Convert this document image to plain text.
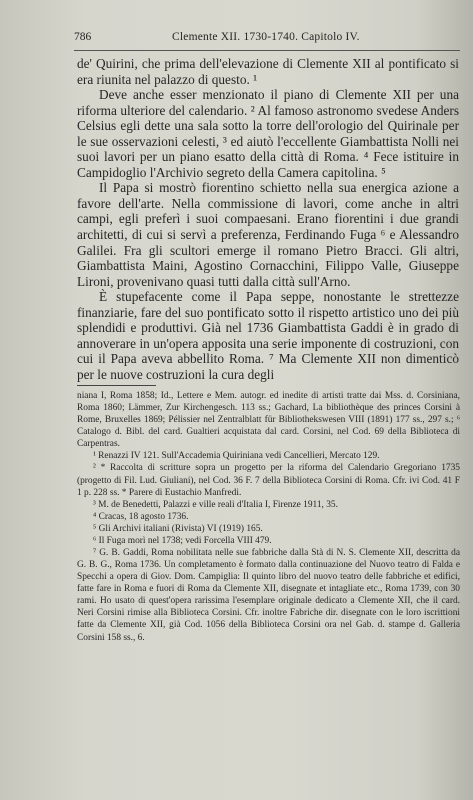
786	Clemente XII. 1730-1740. Capitolo IV.

de' Quirini, che prima dell'elevazione di Clemente XII al pontificato si era riunita nel palazzo di questo. ¹

Deve anche esser menzionato il piano di Clemente XII per una riforma ulteriore del calendario. ² Al famoso astronomo svedese Anders Celsius egli dette una sala sotto la torre dell'orologio del Quirinale per le sue osservazioni celesti, ³ ed aiutò l'eccellente Giambattista Nolli nei suoi lavori per un piano esatto della città di Roma. ⁴ Fece istituire in Campidoglio l'Archivio segreto della Camera capitolina. ⁵

Il Papa si mostrò fiorentino schietto nella sua energica azione a favore dell'arte. Nella commissione di lavori, come anche in altri campi, egli preferì i suoi compaesani. Erano fiorentini i due grandi architetti, di cui si servì a preferenza, Ferdinando Fuga ⁶ e Alessandro Galilei. Fra gli scultori emerge il romano Pietro Bracci. Gli altri, Giambattista Maini, Agostino Cornacchini, Filippo Valle, Giuseppe Lironi, provenivano quasi tutti dalla città sull'Arno.

È stupefacente come il Papa seppe, nonostante le strettezze finanziarie, fare del suo pontificato sotto il rispetto artistico uno dei più splendidi e produttivi. Già nel 1736 Giambattista Gaddi è in grado di annoverare in un'opera apposita una serie imponente di costruzioni, con cui il Papa aveva abbellito Roma. ⁷ Ma Clemente XII non dimenticò per le nuove costruzioni la cura degli

niana I, Roma 1858; Id., Lettere e Mem. autogr. ed inedite di artisti tratte dai Mss. d. Corsiniana, Roma 1860; Lämmer, Zur Kirchengesch. 113 ss.; Gachard, La bibliothèque des princes Corsini à Rome, Bruxelles 1869; Pélissier nel Zentralblatt für Bibliothekswesen VIII (1891) 177 ss., 297 s.; ⁶ Catalogo d. Bibl. del card. Gualtieri acquistata dal card. Corsini, nel Cod. 69 della Biblioteca di Carpentras.

¹ Renazzi IV 121. Sull'Accademia Quiriniana vedi Cancellieri, Mercato 129.

² * Raccolta di scritture sopra un progetto per la riforma del Calendario Gregoriano 1735 (progetto di Fil. Lud. Giuliani), nel Cod. 36 F. 7 della Biblioteca Corsini di Roma. Cfr. ivi Cod. 41 F 1 p. 228 ss. * Parere di Eustachio Manfredi.

³ M. de Benedetti, Palazzi e ville reali d'Italia I, Firenze 1911, 35.

⁴ Cracas, 18 agosto 1736.

⁵ Gli Archivi italiani (Rivista) VI (1919) 165.

⁶ Il Fuga morì nel 1738; vedi Forcella VIII 479.

⁷ G. B. Gaddi, Roma nobilitata nelle sue fabbriche dalla Stà di N. S. Clemente XII, descritta da G. B. G., Roma 1736. Un completamento è formato dalla continuazione del Nuovo teatro di Falda e Specchi a opera di Giov. Dom. Campiglia: Il quinto libro del nuovo teatro delle fabbriche et edifici, fatte fare in Roma e fuori di Roma da Clemente XII, disegnate et intagliate etc., Roma 1739, con 30 rami. Ho usato di quest'opera rarissima l'esemplare originale dedicato a Clemente XII, che il card. Neri Corsini rimise alla Biblioteca Corsini. Cfr. inoltre Fabriche dir. disegnate con le loro iscrittioni fatte da Clemente XII, già Cod. 1056 della Biblioteca Corsini ora nel Gab. d. stampe d. Galleria Corsini 158 ss., 6.
